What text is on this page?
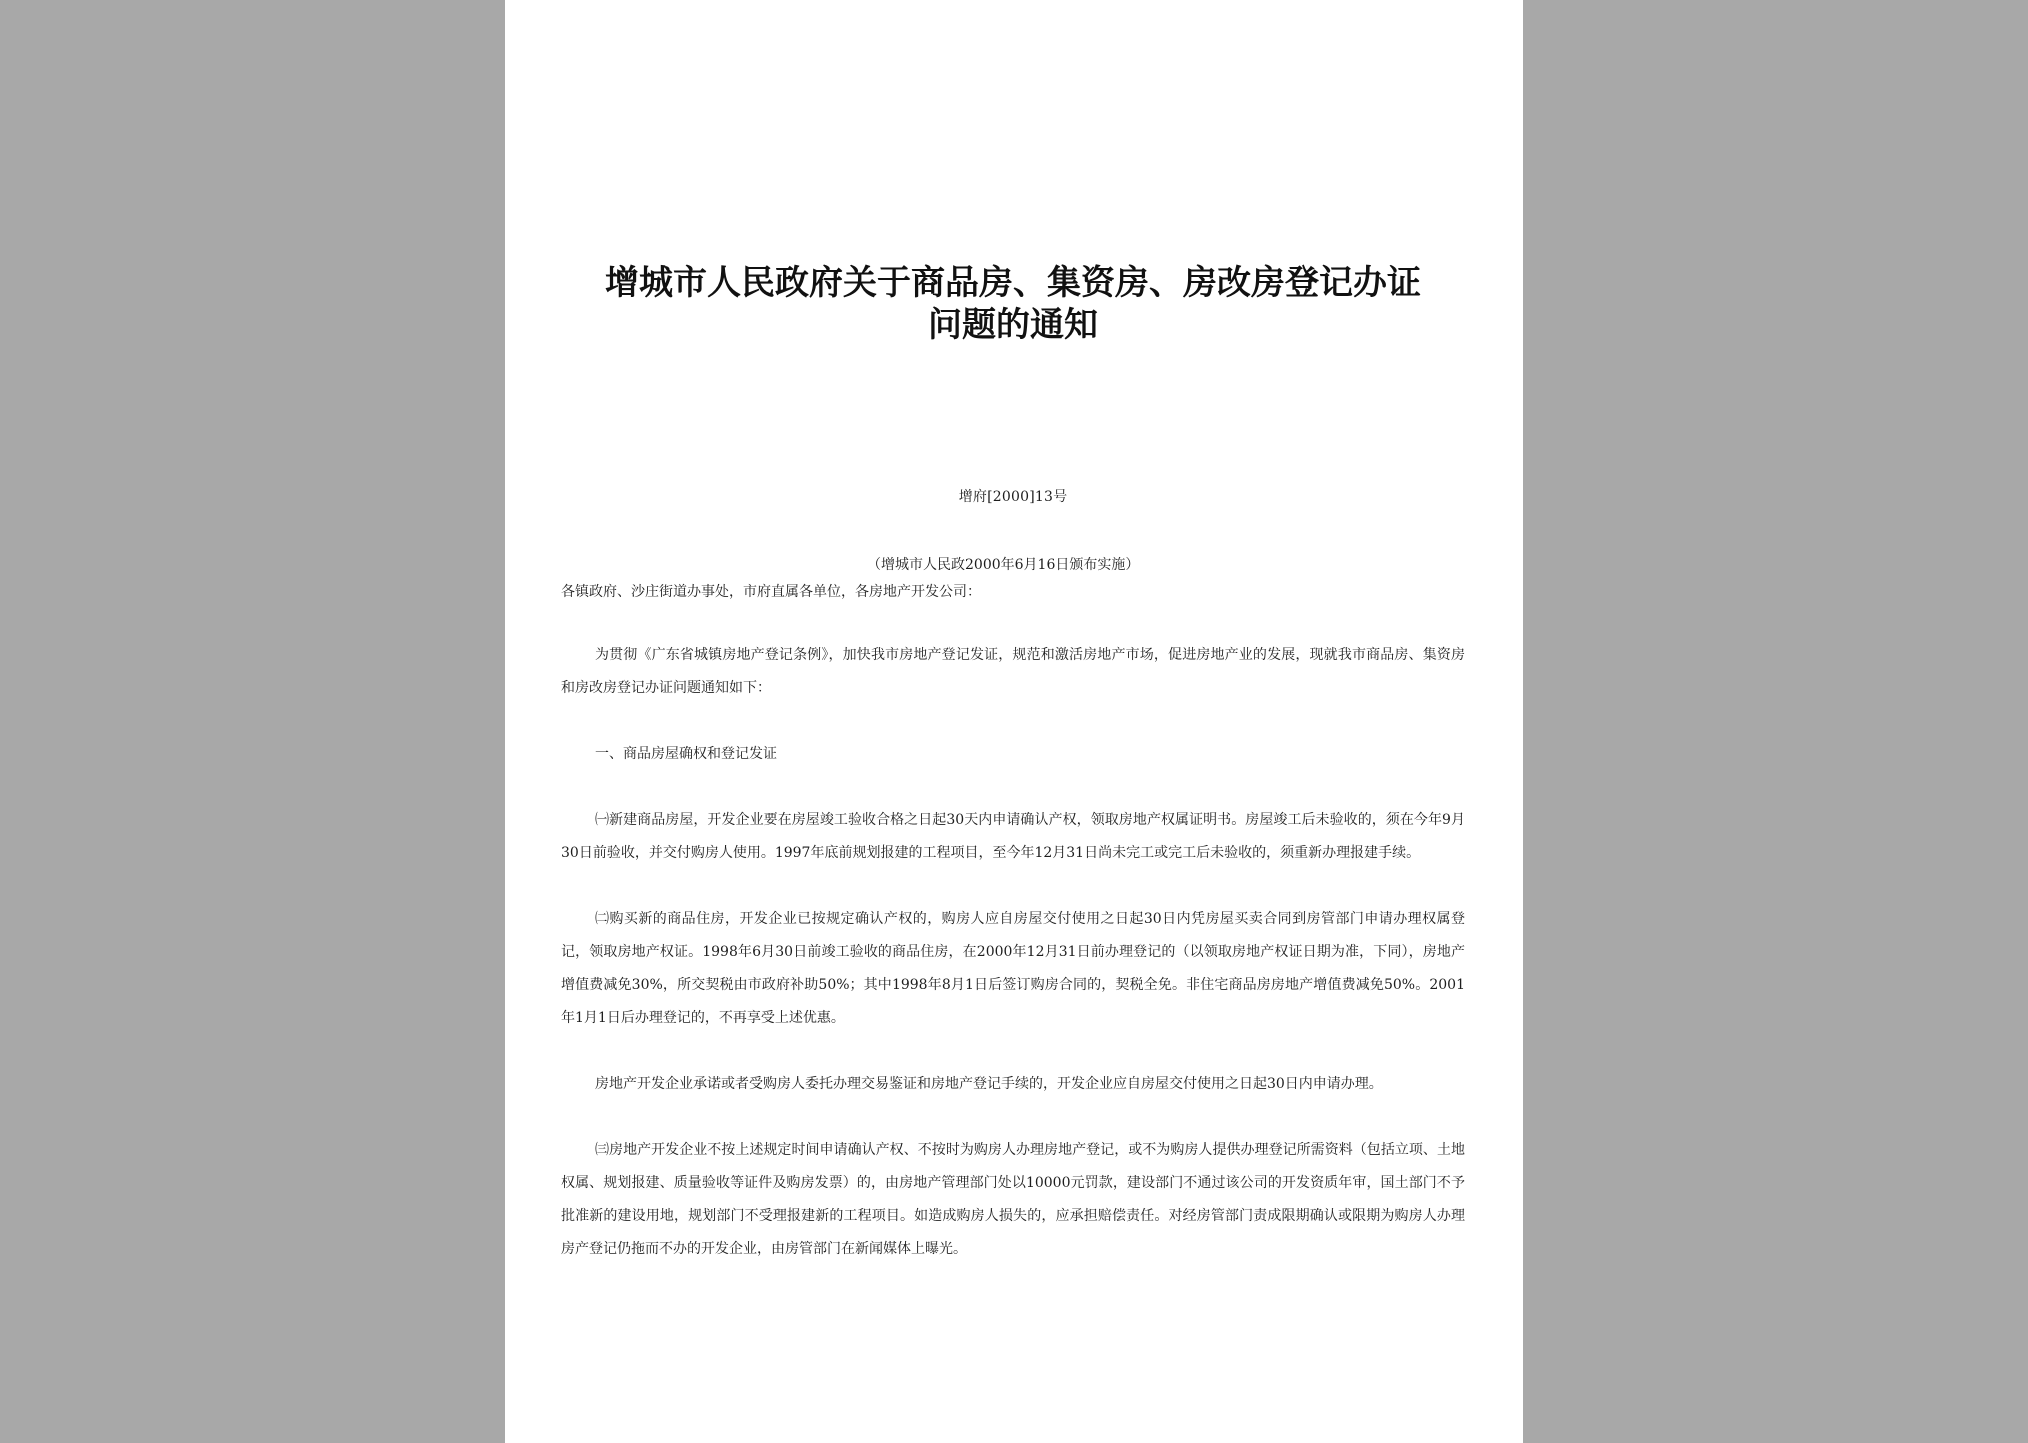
增城市人民政府关于商品房、集资房、房改房登记办证
问题的通知
增府[2000]13号
（增城市人民政2000年6月16日颁布实施）
各镇政府、沙庄街道办事处，市府直属各单位，各房地产开发公司：

为贯彻《广东省城镇房地产登记条例》，加快我市房地产登记发证，规范和激活房地产市场，促进房地产业的发展，现就我市商品房、集资房和房改房登记办证问题通知如下：

一、商品房屋确权和登记发证

㈠新建商品房屋，开发企业要在房屋竣工验收合格之日起30天内申请确认产权，领取房地产权属证明书。房屋竣工后未验收的，须在今年9月30日前验收，并交付购房人使用。1997年底前规划报建的工程项目，至今年12月31日尚未完工或完工后未验收的，须重新办理报建手续。

㈡购买新的商品住房，开发企业已按规定确认产权的，购房人应自房屋交付使用之日起30日内凭房屋买卖合同到房管部门申请办理权属登记，领取房地产权证。1998年6月30日前竣工验收的商品住房，在2000年12月31日前办理登记的（以领取房地产权证日期为准，下同），房地产增值费减免30%，所交契税由市政府补助50%；其中1998年8月1日后签订购房合同的，契税全免。非住宅商品房房地产增值费减免50%。2001年1月1日后办理登记的，不再享受上述优惠。

房地产开发企业承诺或者受购房人委托办理交易鉴证和房地产登记手续的，开发企业应自房屋交付使用之日起30日内申请办理。

㈢房地产开发企业不按上述规定时间申请确认产权、不按时为购房人办理房地产登记，或不为购房人提供办理登记所需资料（包括立项、土地权属、规划报建、质量验收等证件及购房发票）的，由房地产管理部门处以10000元罚款，建设部门不通过该公司的开发资质年审，国土部门不予批准新的建设用地，规划部门不受理报建新的工程项目。如造成购房人损失的，应承担赔偿责任。对经房管部门责成限期确认或限期为购房人办理房产登记仍拖而不办的开发企业，由房管部门在新闻媒体上曝光。
